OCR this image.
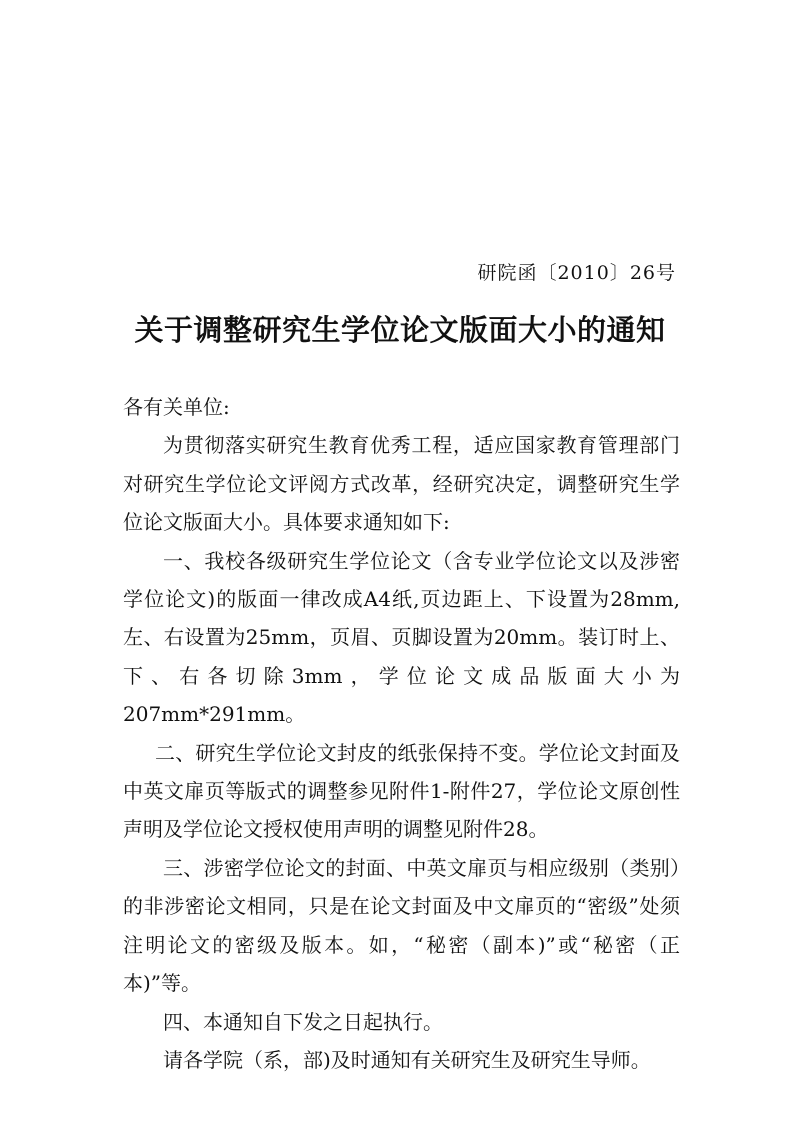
研院函〔2010〕26号
关于调整研究生学位论文版面大小的通知

各有关单位:

为贯彻落实研究生教育优秀工程，适应国家教育管理部门对研究生学位论文评阅方式改革，经研究决定，调整研究生学位论文版面大小。具体要求通知如下:

一、我校各级研究生学位论文（含专业学位论文以及涉密学位论文)的版面一律改成A4纸,页边距上、下设置为28mm,左、右设置为25mm，页眉、页脚设置为20mm。装订时上、下、右各切除3mm，学位论文成品版面大小为207mm*291mm。

二、研究生学位论文封皮的纸张保持不变。学位论文封面及中英文扉页等版式的调整参见附件1-附件27，学位论文原创性声明及学位论文授权使用声明的调整见附件28。

三、涉密学位论文的封面、中英文扉页与相应级别（类别）的非涉密论文相同，只是在论文封面及中文扉页的“密级”处须注明论文的密级及版本。如，“秘密（副本)”或“秘密（正本)”等。

四、本通知自下发之日起执行。

请各学院（系，部)及时通知有关研究生及研究生导师。
